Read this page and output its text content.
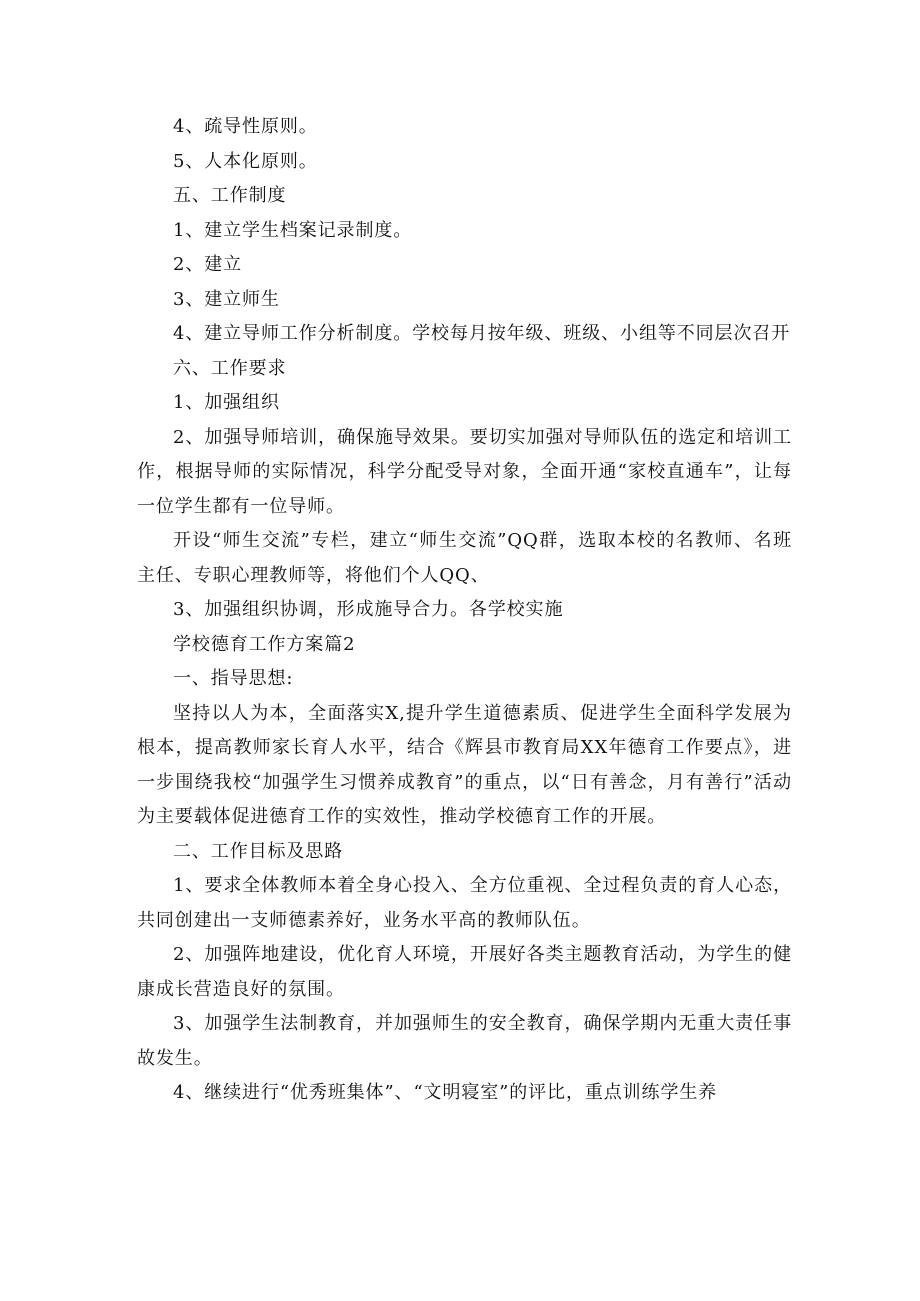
4、疏导性原则。

5、人本化原则。

五、工作制度

1、建立学生档案记录制度。

2、建立

3、建立师生

4、建立导师工作分析制度。学校每月按年级、班级、小组等不同层次召开

六、工作要求

1、加强组织

2、加强导师培训，确保施导效果。要切实加强对导师队伍的选定和培训工作，根据导师的实际情况，科学分配受导对象，全面开通“家校直通车”，让每一位学生都有一位导师。

开设“师生交流”专栏，建立“师生交流”QQ群，选取本校的名教师、名班主任、专职心理教师等，将他们个人QQ、

3、加强组织协调，形成施导合力。各学校实施

学校德育工作方案篇2

一、指导思想:

坚持以人为本，全面落实X,提升学生道德素质、促进学生全面科学发展为根本，提高教师家长育人水平，结合《辉县市教育局XX年德育工作要点》，进一步围绕我校“加强学生习惯养成教育”的重点，以“日有善念，月有善行”活动为主要载体促进德育工作的实效性，推动学校德育工作的开展。

二、工作目标及思路

1、要求全体教师本着全身心投入、全方位重视、全过程负责的育人心态，共同创建出一支师德素养好，业务水平高的教师队伍。

2、加强阵地建设，优化育人环境，开展好各类主题教育活动，为学生的健康成长营造良好的氛围。

3、加强学生法制教育，并加强师生的安全教育，确保学期内无重大责任事故发生。

4、继续进行“优秀班集体”、“文明寝室”的评比，重点训练学生养
